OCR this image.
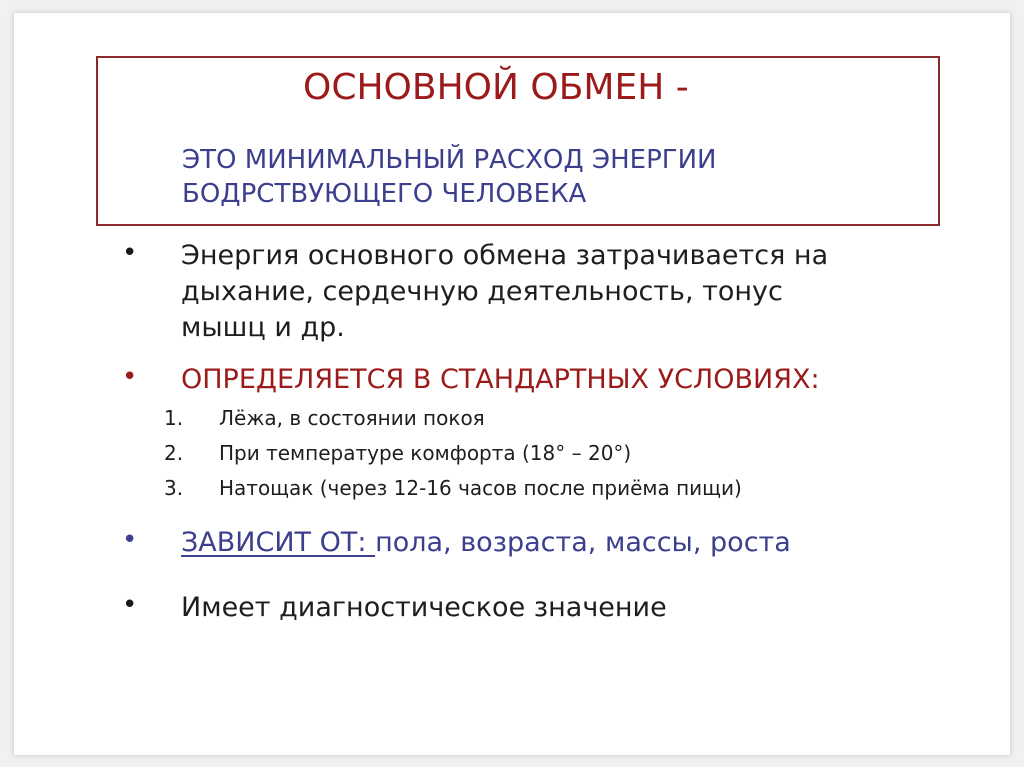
ОСНОВНОЙ ОБМЕН -
ЭТО МИНИМАЛЬНЫЙ РАСХОД ЭНЕРГИИ
БОДРСТВУЮЩЕГО ЧЕЛОВЕКА
• Энергия основного обмена затрачивается на
дыхание, сердечную деятельность, тонус
мышц и др.
• ОПРЕДЕЛЯЕТСЯ В СТАНДАРТНЫХ УСЛОВИЯХ:
1. Лёжа, в состоянии покоя
2. При температуре комфорта (18° – 20°)
3. Натощак (через 12-16 часов после приёма пищи)
• ЗАВИСИТ ОТ: пола, возраста, массы, роста
• Имеет диагностическое значение
